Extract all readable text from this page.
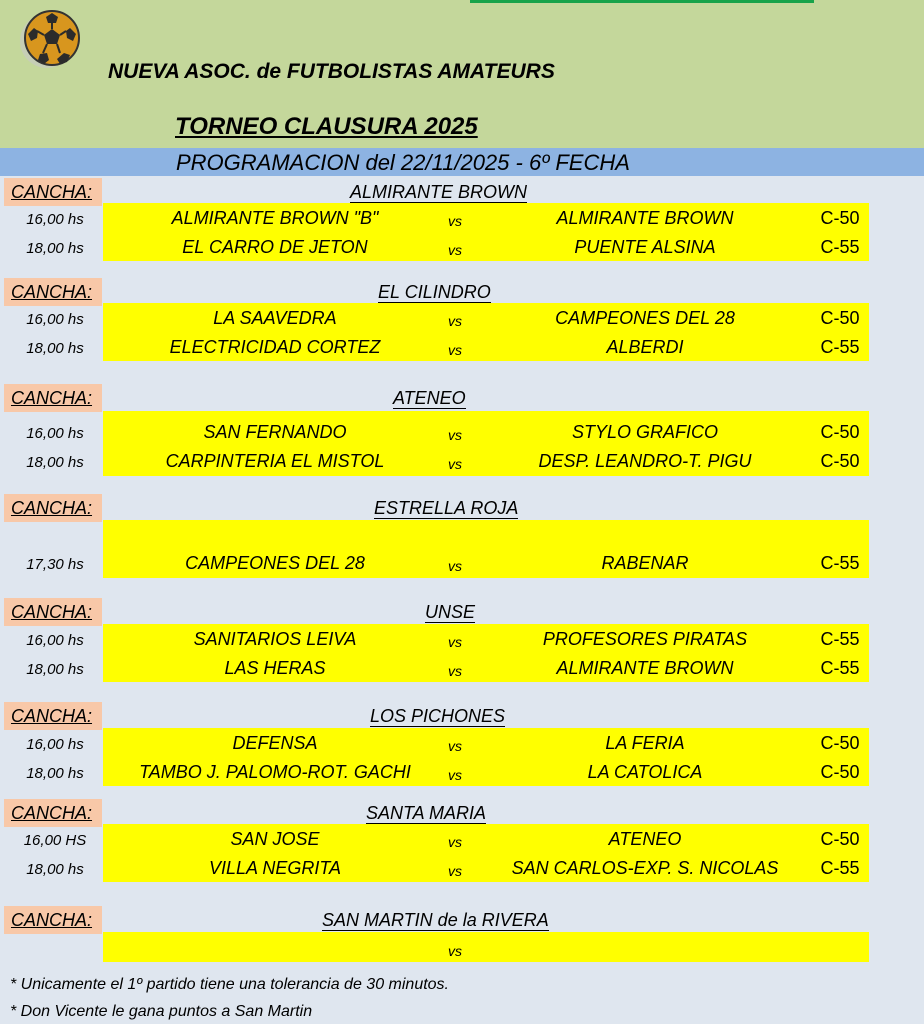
NUEVA ASOC. de FUTBOLISTAS AMATEURS
TORNEO CLAUSURA 2025
PROGRAMACION del 22/11/2025 - 6º FECHA
CANCHA:	ALMIRANTE BROWN
16,00 hs	ALMIRANTE BROWN "B"	vs	ALMIRANTE BROWN	C-50
18,00 hs	EL CARRO DE JETON	vs	PUENTE ALSINA	C-55
CANCHA:	EL CILINDRO
16,00 hs	LA SAAVEDRA	vs	CAMPEONES DEL 28	C-50
18,00 hs	ELECTRICIDAD CORTEZ	vs	ALBERDI	C-55
CANCHA:	ATENEO
16,00 hs	SAN FERNANDO	vs	STYLO GRAFICO	C-50
18,00 hs	CARPINTERIA EL MISTOL	vs	DESP. LEANDRO-T. PIGU	C-50
CANCHA:	ESTRELLA ROJA
17,30 hs	CAMPEONES DEL 28	vs	RABENAR	C-55
CANCHA:	UNSE
16,00 hs	SANITARIOS LEIVA	vs	PROFESORES PIRATAS	C-55
18,00 hs	LAS HERAS	vs	ALMIRANTE BROWN	C-55
CANCHA:	LOS PICHONES
16,00 hs	DEFENSA	vs	LA FERIA	C-50
18,00 hs	TAMBO J. PALOMO-ROT. GACHI	vs	LA CATOLICA	C-50
CANCHA:	SANTA MARIA
16,00 HS	SAN JOSE	vs	ATENEO	C-50
18,00 hs	VILLA NEGRITA	vs	SAN CARLOS-EXP. S. NICOLAS	C-55
CANCHA:	SAN MARTIN de la RIVERA
vs
* Unicamente el 1º partido tiene una tolerancia de 30 minutos.
* Don Vicente le gana puntos a San Martin
